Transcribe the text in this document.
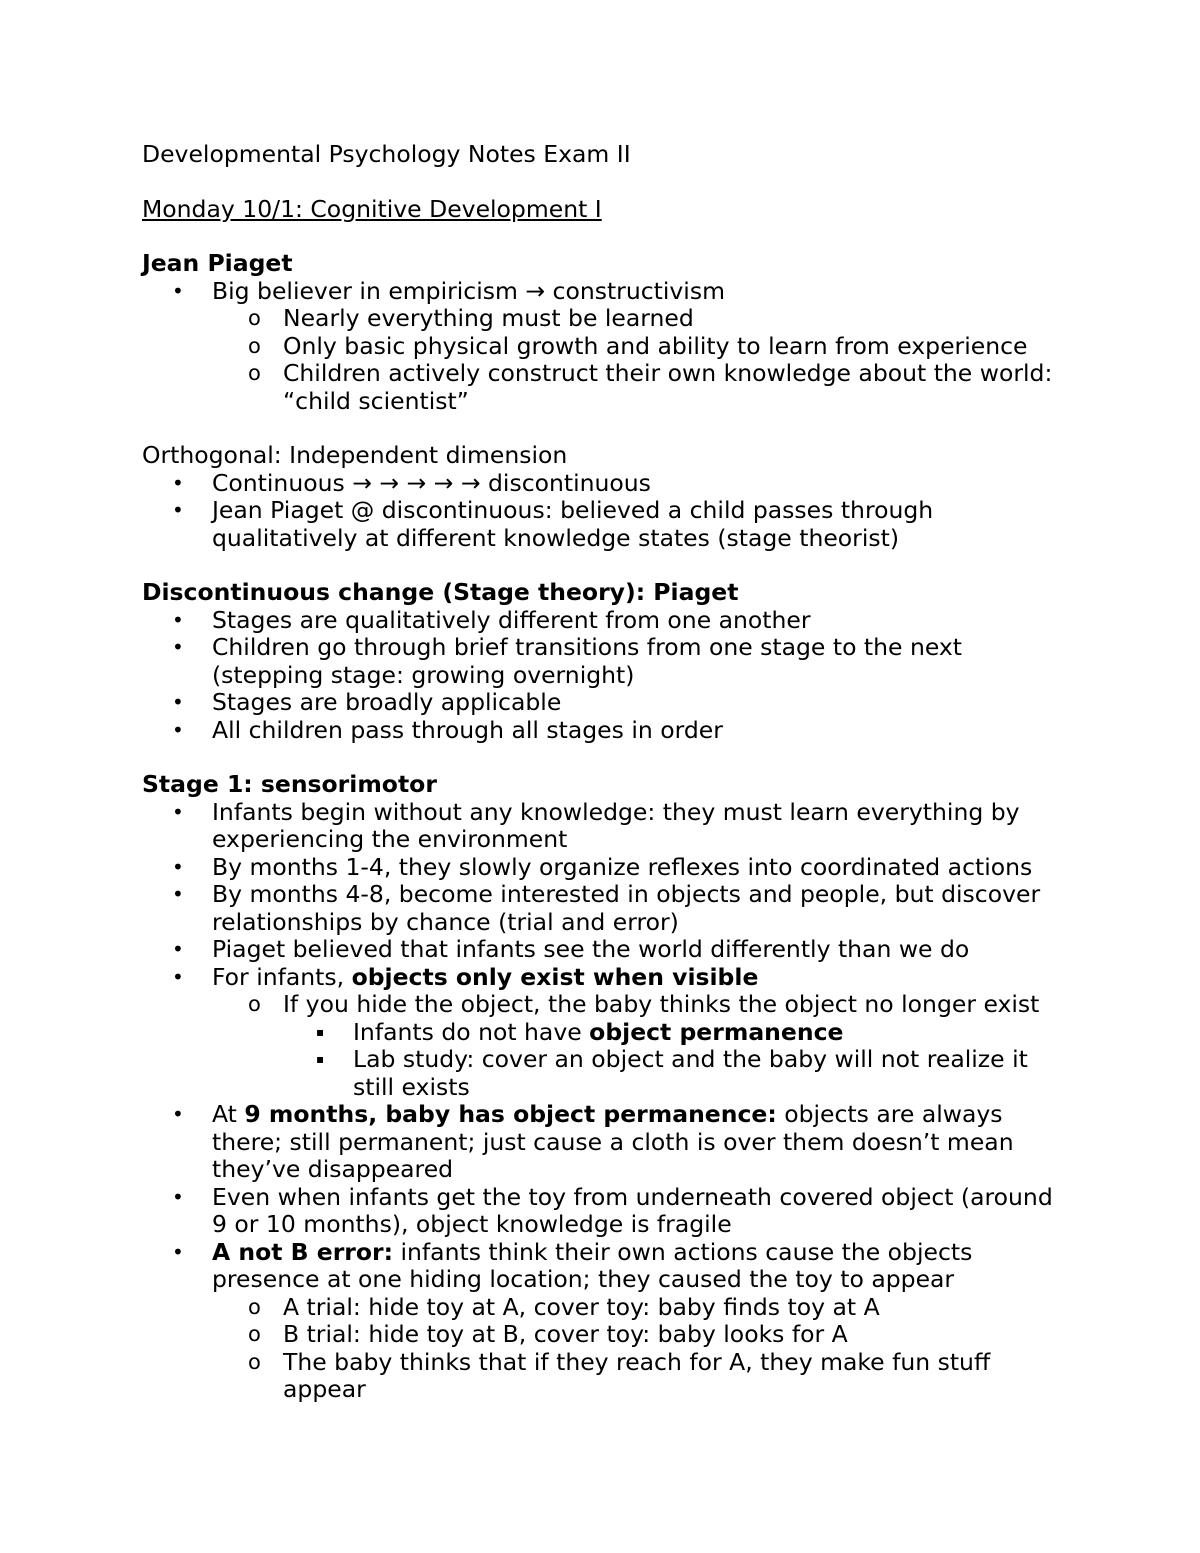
Developmental Psychology Notes Exam II
Monday 10/1: Cognitive Development I
Jean Piaget
• Big believer in empiricism → constructivism
o Nearly everything must be learned
o Only basic physical growth and ability to learn from experience
o Children actively construct their own knowledge about the world: “child scientist”
Orthogonal: Independent dimension
• Continuous → → → → → discontinuous
• Jean Piaget @ discontinuous: believed a child passes through qualitatively at different knowledge states (stage theorist)
Discontinuous change (Stage theory): Piaget
• Stages are qualitatively different from one another
• Children go through brief transitions from one stage to the next (stepping stage: growing overnight)
• Stages are broadly applicable
• All children pass through all stages in order
Stage 1: sensorimotor
• Infants begin without any knowledge: they must learn everything by experiencing the environment
• By months 1-4, they slowly organize reflexes into coordinated actions
• By months 4-8, become interested in objects and people, but discover relationships by chance (trial and error)
• Piaget believed that infants see the world differently than we do
• For infants, objects only exist when visible
o If you hide the object, the baby thinks the object no longer exist
▪ Infants do not have object permanence
▪ Lab study: cover an object and the baby will not realize it still exists
• At 9 months, baby has object permanence: objects are always there; still permanent; just cause a cloth is over them doesn’t mean they’ve disappeared
• Even when infants get the toy from underneath covered object (around 9 or 10 months), object knowledge is fragile
• A not B error: infants think their own actions cause the objects presence at one hiding location; they caused the toy to appear
o A trial: hide toy at A, cover toy: baby finds toy at A
o B trial: hide toy at B, cover toy: baby looks for A
o The baby thinks that if they reach for A, they make fun stuff appear
